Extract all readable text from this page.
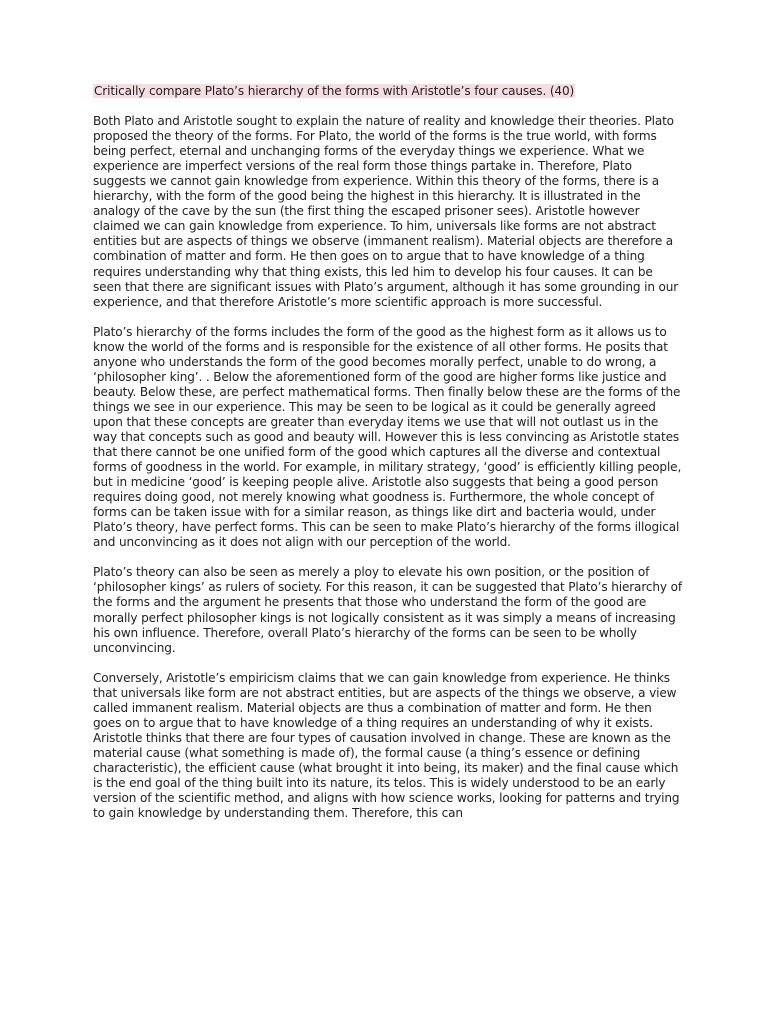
Critically compare Plato’s hierarchy of the forms with Aristotle’s four causes. (40)

Both Plato and Aristotle sought to explain the nature of reality and knowledge their theories. Plato proposed the theory of the forms. For Plato, the world of the forms is the true world, with forms being perfect, eternal and unchanging forms of the everyday things we experience. What we experience are imperfect versions of the real form those things partake in. Therefore, Plato suggests we cannot gain knowledge from experience. Within this theory of the forms, there is a hierarchy, with the form of the good being the highest in this hierarchy. It is illustrated in the analogy of the cave by the sun (the first thing the escaped prisoner sees). Aristotle however claimed we can gain knowledge from experience. To him, universals like forms are not abstract entities but are aspects of things we observe (immanent realism). Material objects are therefore a combination of matter and form. He then goes on to argue that to have knowledge of a thing requires understanding why that thing exists, this led him to develop his four causes. It can be seen that there are significant issues with Plato’s argument, although it has some grounding in our experience, and that therefore Aristotle’s more scientific approach is more successful.

Plato’s hierarchy of the forms includes the form of the good as the highest form as it allows us to know the world of the forms and is responsible for the existence of all other forms. He posits that anyone who understands the form of the good becomes morally perfect, unable to do wrong, a ‘philosopher king’. . Below the aforementioned form of the good are higher forms like justice and beauty. Below these, are perfect mathematical forms. Then finally below these are the forms of the things we see in our experience. This may be seen to be logical as it could be generally agreed upon that these concepts are greater than everyday items we use that will not outlast us in the way that concepts such as good and beauty will. However this is less convincing as Aristotle states that there cannot be one unified form of the good which captures all the diverse and contextual forms of goodness in the world. For example, in military strategy, ‘good’ is efficiently killing people, but in medicine ‘good’ is keeping people alive. Aristotle also suggests that being a good person requires doing good, not merely knowing what goodness is. Furthermore, the whole concept of forms can be taken issue with for a similar reason, as things like dirt and bacteria would, under Plato’s theory, have perfect forms. This can be seen to make Plato’s hierarchy of the forms illogical and unconvincing as it does not align with our perception of the world.

Plato’s theory can also be seen as merely a ploy to elevate his own position, or the position of ‘philosopher kings’ as rulers of society. For this reason, it can be suggested that Plato’s hierarchy of the forms and the argument he presents that those who understand the form of the good are morally perfect philosopher kings is not logically consistent as it was simply a means of increasing his own influence. Therefore, overall Plato’s hierarchy of the forms can be seen to be wholly unconvincing.

Conversely, Aristotle’s empiricism claims that we can gain knowledge from experience. He thinks that universals like form are not abstract entities, but are aspects of the things we observe, a view called immanent realism. Material objects are thus a combination of matter and form. He then goes on to argue that to have knowledge of a thing requires an understanding of why it exists. Aristotle thinks that there are four types of causation involved in change. These are known as the material cause (what something is made of), the formal cause (a thing’s essence or defining characteristic), the efficient cause (what brought it into being, its maker) and the final cause which is the end goal of the thing built into its nature, its telos. This is widely understood to be an early version of the scientific method, and aligns with how science works, looking for patterns and trying to gain knowledge by understanding them. Therefore, this can
